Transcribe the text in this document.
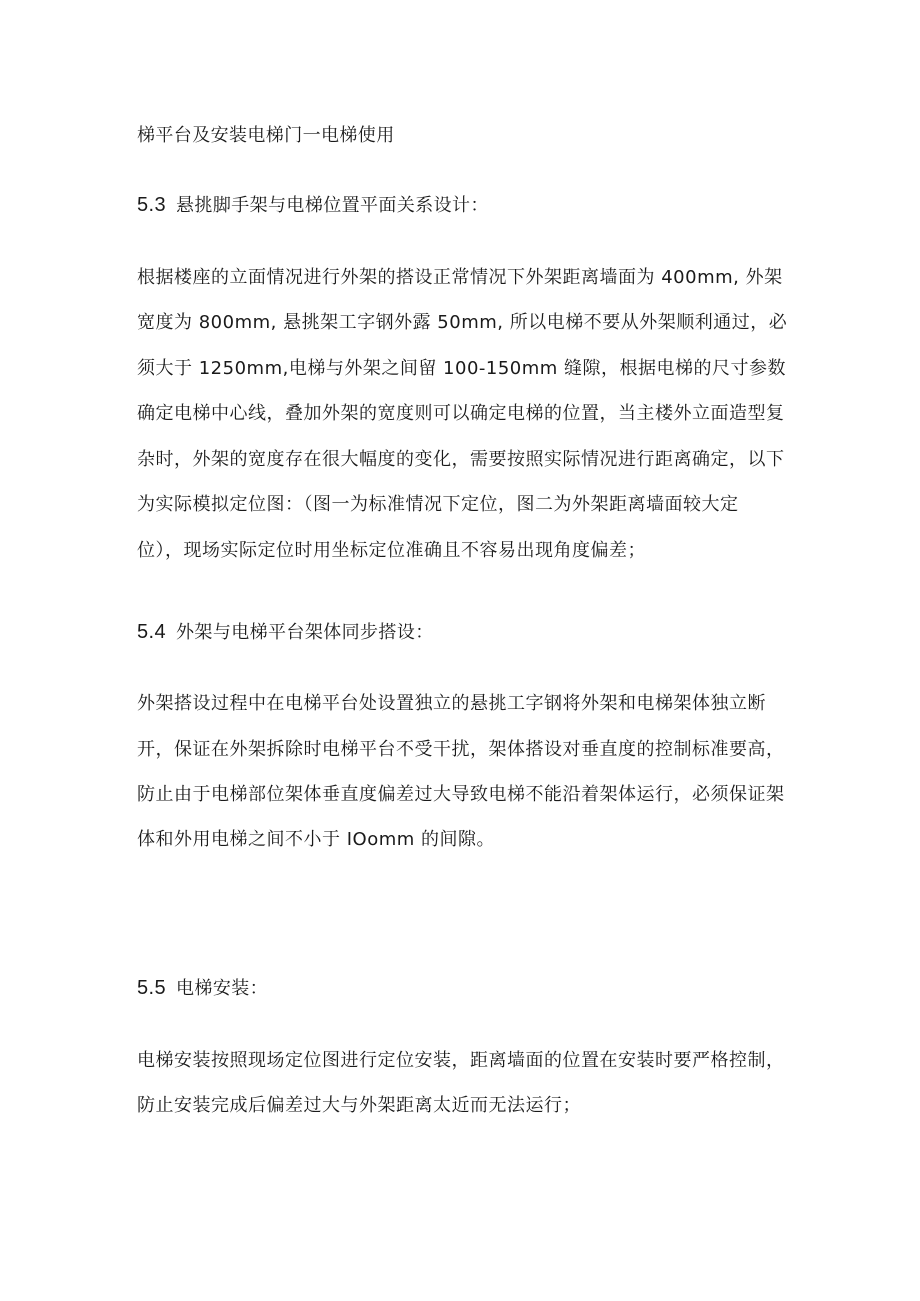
梯平台及安装电梯门一电梯使用
5.3 悬挑脚手架与电梯位置平面关系设计：
根据楼座的立面情况进行外架的搭设正常情况下外架距离墙面为 400mm, 外架
宽度为 800mm, 悬挑架工字钢外露 50mm, 所以电梯不要从外架顺利通过，必
须大于 1250mm,电梯与外架之间留 100-150mm 缝隙，根据电梯的尺寸参数
确定电梯中心线，叠加外架的宽度则可以确定电梯的位置，当主楼外立面造型复
杂时，外架的宽度存在很大幅度的变化，需要按照实际情况进行距离确定，以下
为实际模拟定位图：（图一为标准情况下定位，图二为外架距离墙面较大定
位），现场实际定位时用坐标定位准确且不容易出现角度偏差；
5.4 外架与电梯平台架体同步搭设：
外架搭设过程中在电梯平台处设置独立的悬挑工字钢将外架和电梯架体独立断
开，保证在外架拆除时电梯平台不受干扰，架体搭设对垂直度的控制标准要高，
防止由于电梯部位架体垂直度偏差过大导致电梯不能沿着架体运行，必须保证架
体和外用电梯之间不小于 IOomm 的间隙。
5.5 电梯安装：
电梯安装按照现场定位图进行定位安装，距离墙面的位置在安装时要严格控制，
防止安装完成后偏差过大与外架距离太近而无法运行；
